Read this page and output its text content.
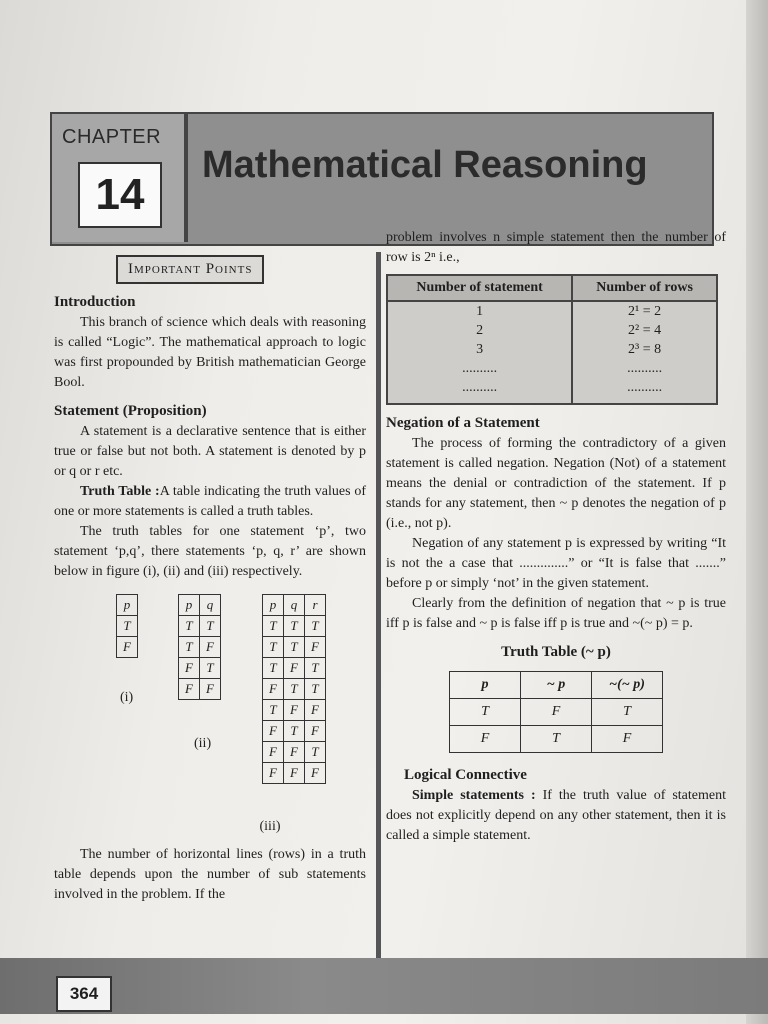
CHAPTER
14
Mathematical Reasoning
Important Points
Introduction

This branch of science which deals with reasoning is called “Logic”. The mathematical approach to logic was first propounded by British mathematician George Bool.

Statement (Proposition)

A statement is a declarative sentence that is either true or false but not both. A statement is denoted by p or q or r etc.

Truth Table :A table indicating the truth values of one or more statements is called a truth tables.

The truth tables for one statement ‘p’, two statement ‘p,q’, there statements ‘p, q, r’ are shown below in figure (i), (ii) and (iii) respectively.

p
T
F
(i)
p	q
T	T
T	F
F	T
F	F
(ii)
p	q	r
T	T	T
T	T	F
T	F	T
F	T	T
T	F	F
F	T	F
F	F	T
F	F	F
(iii)

The number of horizontal lines (rows) in a truth table depends upon the number of sub statements involved in the problem. If the

problem involves n simple statement then the number of row is 2ⁿ i.e.,

Number of statement	Number of rows
1	2¹ = 2
2	2² = 4
3	2³ = 8
..........	..........
..........	..........
Negation of a Statement

The process of forming the contradictory of a given statement is called negation. Negation (Not) of a statement means the denial or contradiction of the statement. If p stands for any statement, then ~ p denotes the negation of p (i.e., not p).

Negation of any statement p is expressed by writing “It is not the a case that ..............” or “It is false that .......” before p or simply ‘not’ in the given statement.

Clearly from the definition of negation that ~ p is true iff p is false and ~ p is false iff p is true and ~(~ p) = p.

Truth Table (~ p)
p	~ p	~(~ p)
T	F	T
F	T	F
Logical Connective

Simple statements : If the truth value of statement does not explicitly depend on any other statement, then it is called a simple statement.

364
